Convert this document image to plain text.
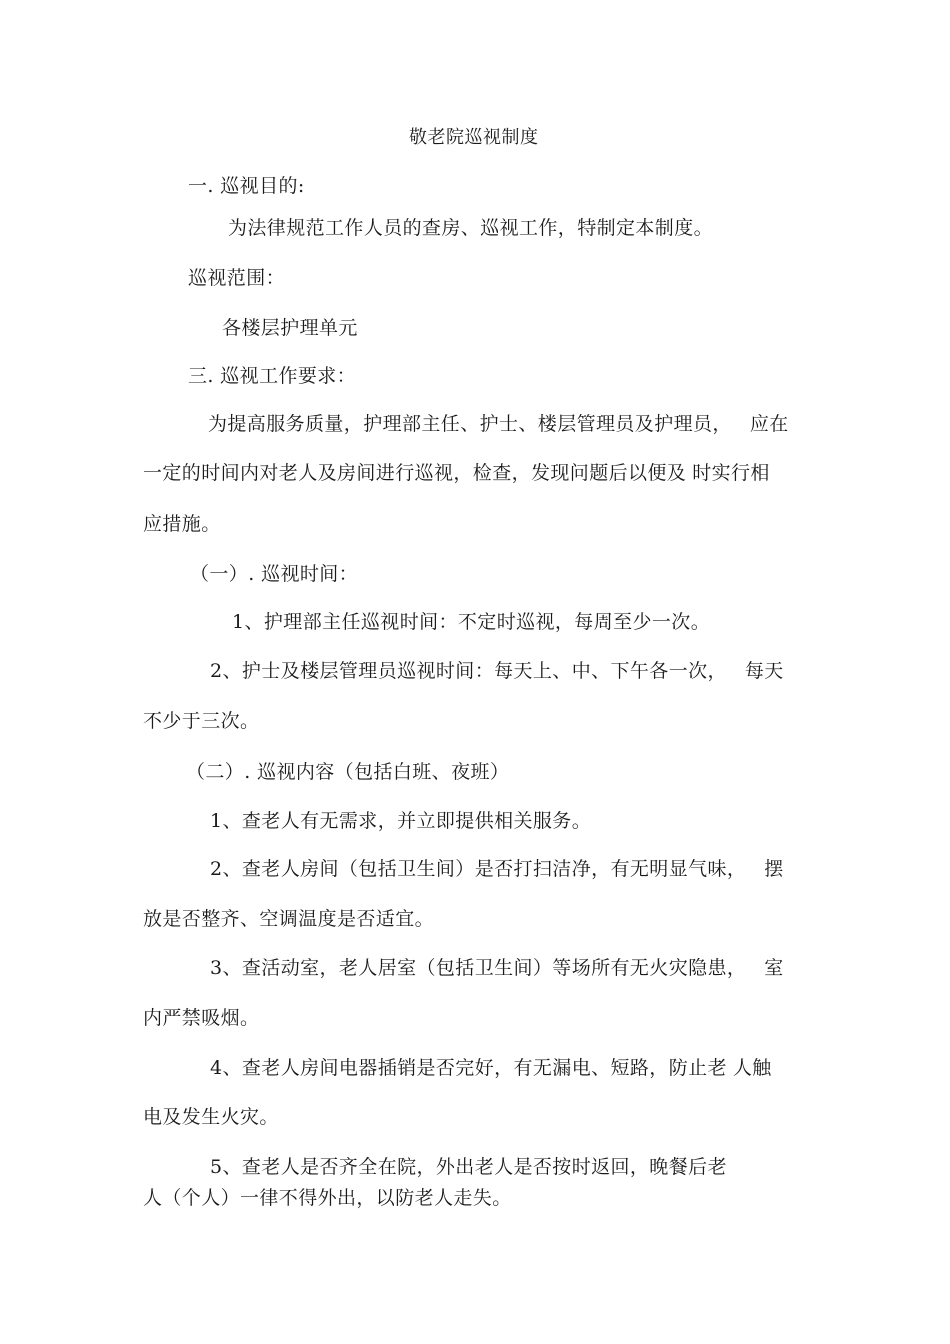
敬老院巡视制度
一. 巡视目的:
为法律规范工作人员的查房、巡视工作，特制定本制度。
巡视范围：
各楼层护理单元
三. 巡视工作要求：
为提高服务质量，护理部主任、护士、楼层管理员及护理员， 应在
一定的时间内对老人及房间进行巡视，检查，发现问题后以便及 时实行相
应措施。
（一）. 巡视时间：
1、护理部主任巡视时间：不定时巡视，每周至少一次。
2、护士及楼层管理员巡视时间：每天上、中、下午各一次， 每天
不少于三次。
（二）. 巡视内容（包括白班、夜班）
1、查老人有无需求，并立即提供相关服务。
2、查老人房间（包括卫生间）是否打扫洁净，有无明显气味， 摆
放是否整齐、空调温度是否适宜。
3、查活动室，老人居室（包括卫生间）等场所有无火灾隐患， 室
内严禁吸烟。
4、查老人房间电器插销是否完好，有无漏电、短路，防止老 人触
电及发生火灾。
5、查老人是否齐全在院，外出老人是否按时返回，晚餐后老
人（个人）一律不得外出，以防老人走失。
